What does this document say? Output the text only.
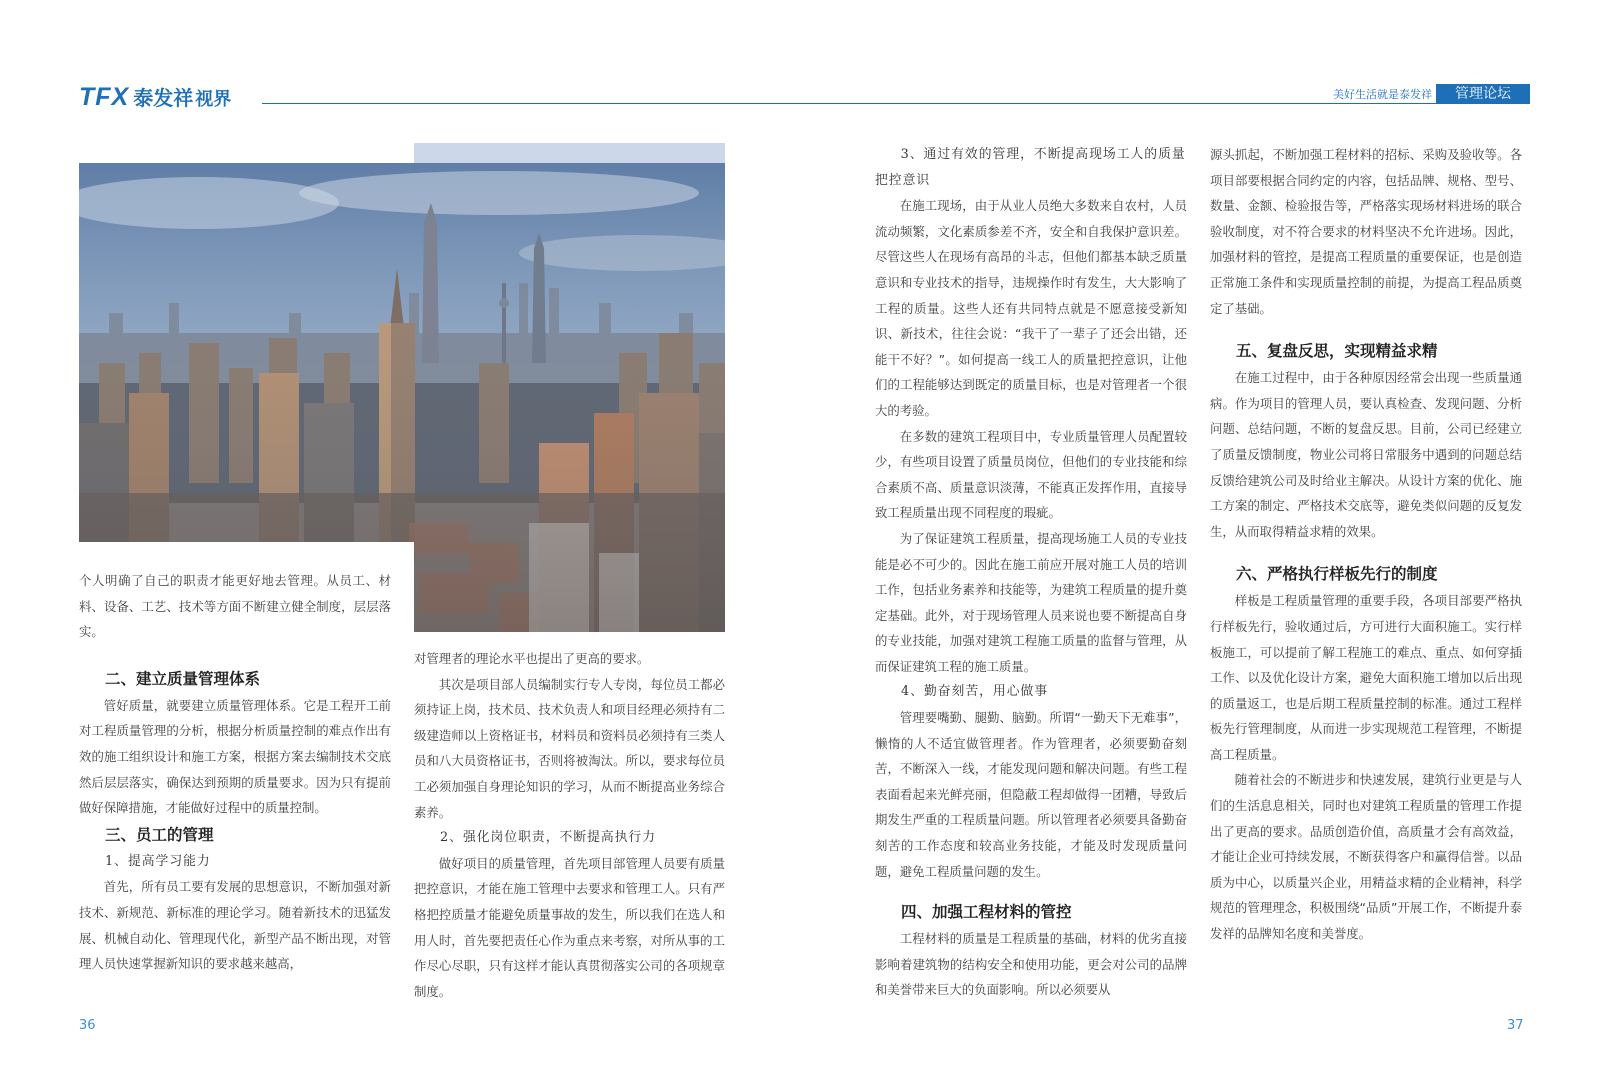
TFX 泰发祥 视界	美好生活就是泰发祥	管理论坛

个人明确了自己的职责才能更好地去管理。从员工、材料、设备、工艺、技术等方面不断建立健全制度，层层落实。

二、建立质量管理体系

管好质量，就要建立质量管理体系。它是工程开工前对工程质量管理的分析，根据分析质量控制的难点作出有效的施工组织设计和施工方案，根据方案去编制技术交底然后层层落实，确保达到预期的质量要求。因为只有提前做好保障措施，才能做好过程中的质量控制。

三、员工的管理
1、提高学习能力

首先，所有员工要有发展的思想意识，不断加强对新技术、新规范、新标准的理论学习。随着新技术的迅猛发展、机械自动化、管理现代化，新型产品不断出现，对管理人员快速掌握新知识的要求越来越高，

对管理者的理论水平也提出了更高的要求。

其次是项目部人员编制实行专人专岗，每位员工都必须持证上岗，技术员、技术负责人和项目经理必须持有二级建造师以上资格证书，材料员和资料员必须持有三类人员和八大员资格证书，否则将被淘汰。所以，要求每位员工必须加强自身理论知识的学习，从而不断提高业务综合素养。

2、强化岗位职责，不断提高执行力

做好项目的质量管理，首先项目部管理人员要有质量把控意识，才能在施工管理中去要求和管理工人。只有严格把控质量才能避免质量事故的发生，所以我们在选人和用人时，首先要把责任心作为重点来考察，对所从事的工作尽心尽职，只有这样才能认真贯彻落实公司的各项规章制度。

3、通过有效的管理，不断提高现场工人的质量把控意识

在施工现场，由于从业人员绝大多数来自农村，人员流动频繁，文化素质参差不齐，安全和自我保护意识差。尽管这些人在现场有高昂的斗志，但他们都基本缺乏质量意识和专业技术的指导，违规操作时有发生，大大影响了工程的质量。这些人还有共同特点就是不愿意接受新知识、新技术，往往会说：“我干了一辈子了还会出错，还能干不好？”。如何提高一线工人的质量把控意识，让他们的工程能够达到既定的质量目标，也是对管理者一个很大的考验。

在多数的建筑工程项目中，专业质量管理人员配置较少，有些项目设置了质量员岗位，但他们的专业技能和综合素质不高、质量意识淡薄，不能真正发挥作用，直接导致工程质量出现不同程度的瑕疵。

为了保证建筑工程质量，提高现场施工人员的专业技能是必不可少的。因此在施工前应开展对施工人员的培训工作，包括业务素养和技能等，为建筑工程质量的提升奠定基础。此外，对于现场管理人员来说也要不断提高自身的专业技能，加强对建筑工程施工质量的监督与管理，从而保证建筑工程的施工质量。

4、勤奋刻苦，用心做事

管理要嘴勤、腿勤、脑勤。所谓“一勤天下无难事”，懒惰的人不适宜做管理者。作为管理者，必须要勤奋刻苦，不断深入一线，才能发现问题和解决问题。有些工程表面看起来光鲜亮丽，但隐蔽工程却做得一团糟，导致后期发生严重的工程质量问题。所以管理者必须要具备勤奋刻苦的工作态度和较高业务技能，才能及时发现质量问题，避免工程质量问题的发生。

四、加强工程材料的管控

工程材料的质量是工程质量的基础，材料的优劣直接影响着建筑物的结构安全和使用功能，更会对公司的品牌和美誉带来巨大的负面影响。所以必须要从

源头抓起，不断加强工程材料的招标、采购及验收等。各项目部要根据合同约定的内容，包括品牌、规格、型号、数量、金额、检验报告等，严格落实现场材料进场的联合验收制度，对不符合要求的材料坚决不允许进场。因此，加强材料的管控，是提高工程质量的重要保证，也是创造正常施工条件和实现质量控制的前提，为提高工程品质奠定了基础。

五、复盘反思，实现精益求精

在施工过程中，由于各种原因经常会出现一些质量通病。作为项目的管理人员，要认真检查、发现问题、分析问题、总结问题，不断的复盘反思。目前，公司已经建立了质量反馈制度，物业公司将日常服务中遇到的问题总结反馈给建筑公司及时给业主解决。从设计方案的优化、施工方案的制定、严格技术交底等，避免类似问题的反复发生，从而取得精益求精的效果。

六、严格执行样板先行的制度

样板是工程质量管理的重要手段，各项目部要严格执行样板先行，验收通过后，方可进行大面积施工。实行样板施工，可以提前了解工程施工的难点、重点、如何穿插工作、以及优化设计方案，避免大面积施工增加以后出现的质量返工，也是后期工程质量控制的标准。通过工程样板先行管理制度，从而进一步实现规范工程管理，不断提高工程质量。

随着社会的不断进步和快速发展，建筑行业更是与人们的生活息息相关，同时也对建筑工程质量的管理工作提出了更高的要求。品质创造价值，高质量才会有高效益，才能让企业可持续发展，不断获得客户和赢得信誉。以品质为中心，以质量兴企业，用精益求精的企业精神，科学规范的管理理念，积极围绕“品质”开展工作，不断提升泰发祥的品牌知名度和美誉度。

36	37
